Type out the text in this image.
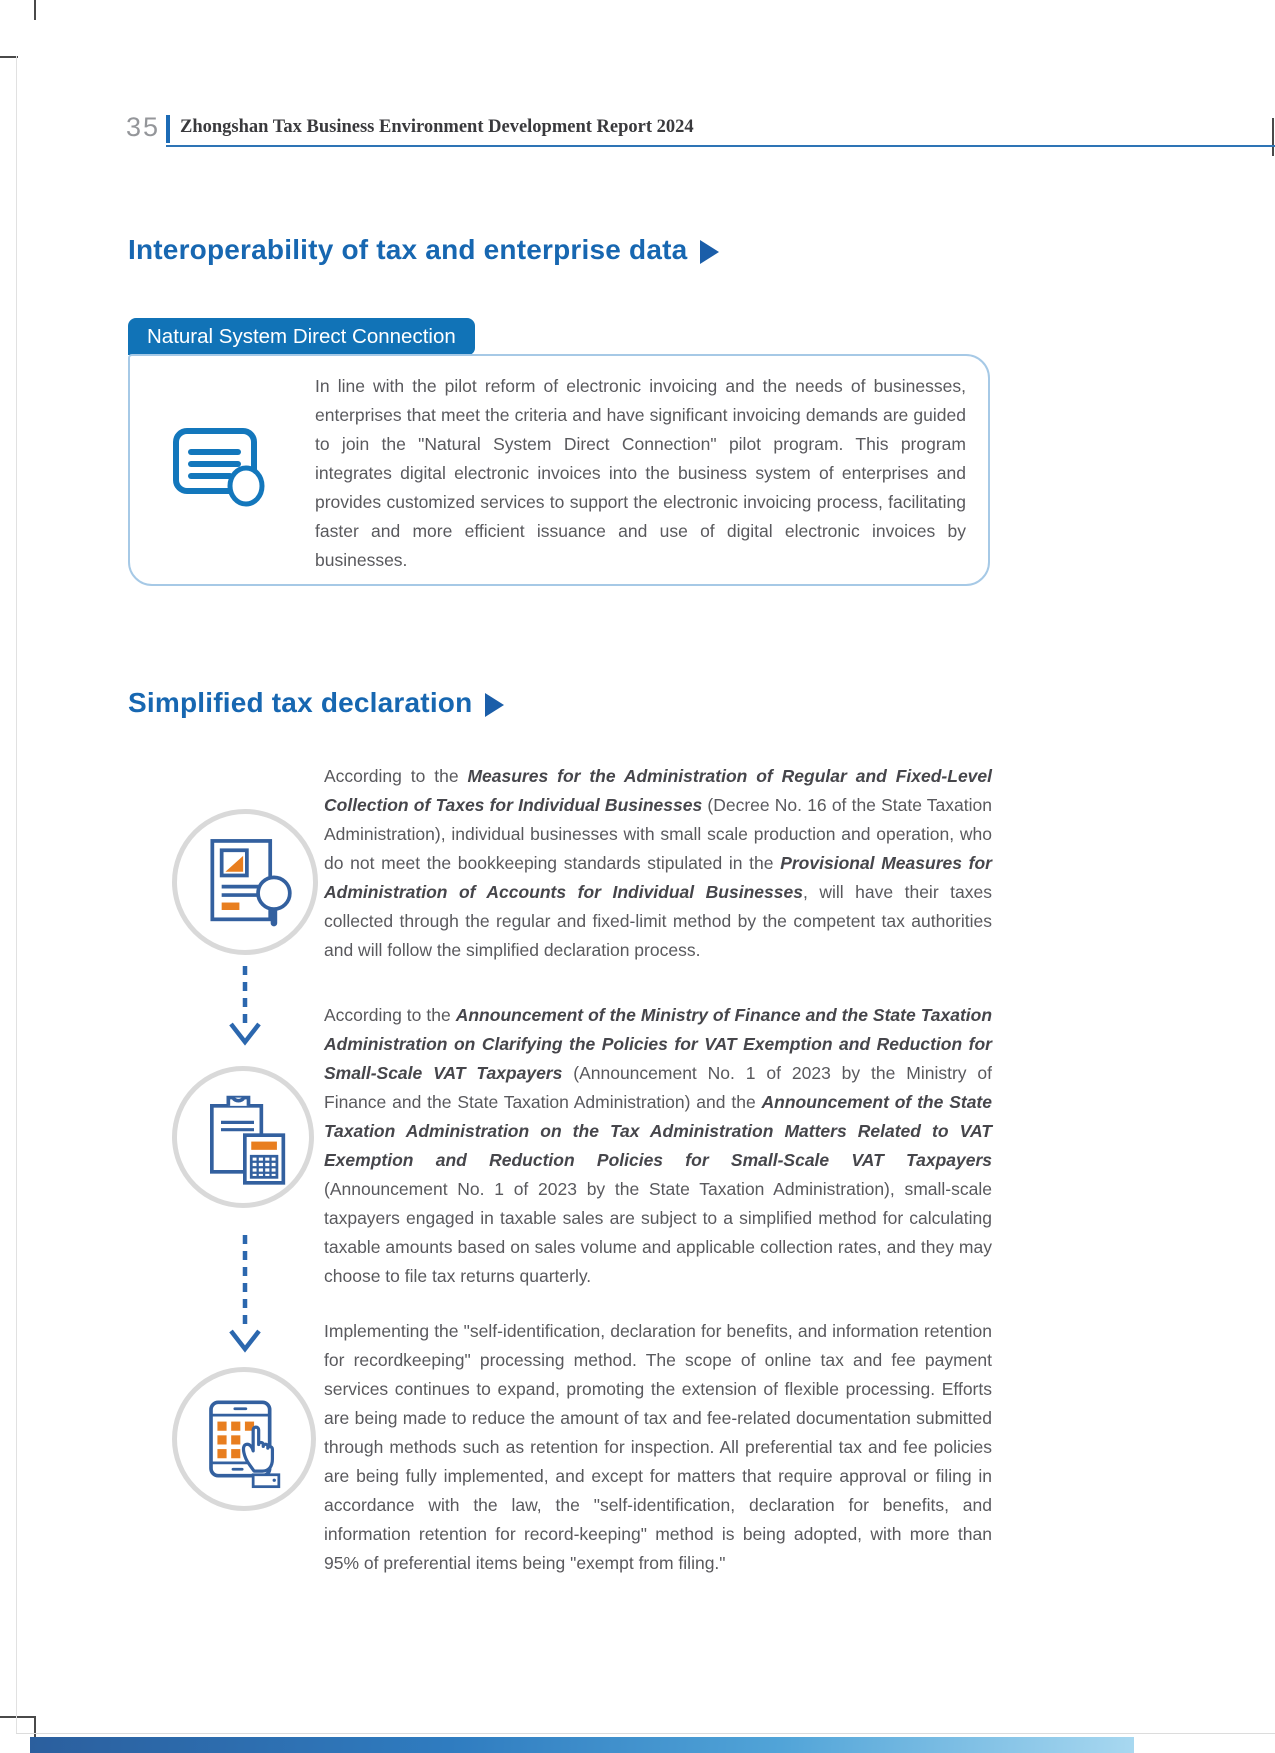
35 Zhongshan Tax Business Environment Development Report 2024
Interoperability of tax and enterprise data
Natural System Direct Connection
In line with the pilot reform of electronic invoicing and the needs of businesses, enterprises that meet the criteria and have significant invoicing demands are guided to join the "Natural System Direct Connection" pilot program. This program integrates digital electronic invoices into the business system of enterprises and provides customized services to support the electronic invoicing process, facilitating faster and more efficient issuance and use of digital electronic invoices by businesses.
Simplified tax declaration
According to the Measures for the Administration of Regular and Fixed-Level Collection of Taxes for Individual Businesses (Decree No. 16 of the State Taxation Administration), individual businesses with small scale production and operation, who do not meet the bookkeeping standards stipulated in the Provisional Measures for Administration of Accounts for Individual Businesses, will have their taxes collected through the regular and fixed-limit method by the competent tax authorities and will follow the simplified declaration process.
According to the Announcement of the Ministry of Finance and the State Taxation Administration on Clarifying the Policies for VAT Exemption and Reduction for Small-Scale VAT Taxpayers (Announcement No. 1 of 2023 by the Ministry of Finance and the State Taxation Administration) and the Announcement of the State Taxation Administration on the Tax Administration Matters Related to VAT Exemption and Reduction Policies for Small-Scale VAT Taxpayers (Announcement No. 1 of 2023 by the State Taxation Administration), small-scale taxpayers engaged in taxable sales are subject to a simplified method for calculating taxable amounts based on sales volume and applicable collection rates, and they may choose to file tax returns quarterly.
Implementing the "self-identification, declaration for benefits, and information retention for recordkeeping" processing method. The scope of online tax and fee payment services continues to expand, promoting the extension of flexible processing. Efforts are being made to reduce the amount of tax and fee-related documentation submitted through methods such as retention for inspection. All preferential tax and fee policies are being fully implemented, and except for matters that require approval or filing in accordance with the law, the "self-identification, declaration for benefits, and information retention for record-keeping" method is being adopted, with more than 95% of preferential items being "exempt from filing."
